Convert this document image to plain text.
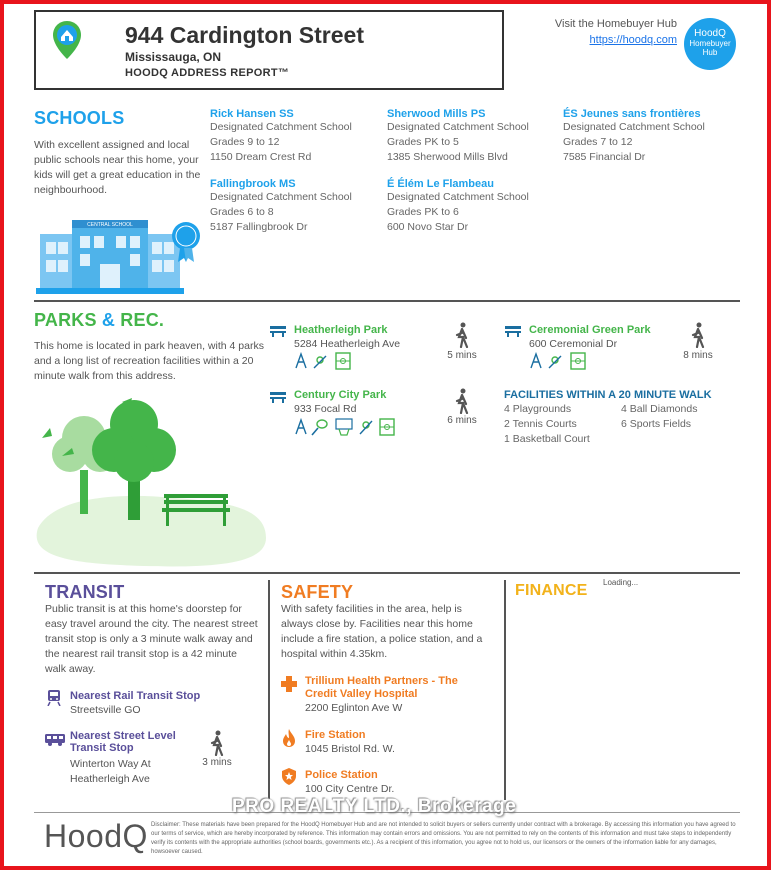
944 Cardington Street
Mississauga, ON
HOODQ ADDRESS REPORT™
Visit the Homebuyer Hub
https://hoodq.com
HoodQ
Homebuyer
Hub
SCHOOLS
With excellent assigned and local public schools near this home, your kids will get a great education in the neighbourhood.
CENTRAL SCHOOL
Rick Hansen SS
Designated Catchment School
Grades 9 to 12
1150 Dream Crest Rd
Sherwood Mills PS
Designated Catchment School
Grades PK to 5
1385 Sherwood Mills Blvd
ÉS Jeunes sans frontières
Designated Catchment School
Grades 7 to 12
7585 Financial Dr
Fallingbrook MS
Designated Catchment School
Grades 6 to 8
5187 Fallingbrook Dr
É Élém Le Flambeau
Designated Catchment School
Grades PK to 6
600 Novo Star Dr
PARKS & REC.
This home is located in park heaven, with 4 parks and a long list of recreation facilities within a 20 minute walk from this address.
Heatherleigh Park
5284 Heatherleigh Ave
5 mins
Ceremonial Green Park
600 Ceremonial Dr
8 mins
Century City Park
933 Focal Rd
6 mins
FACILITIES WITHIN A 20 MINUTE WALK
4 Playgrounds	4 Ball Diamonds
2 Tennis Courts	6 Sports Fields
1 Basketball Court
TRANSIT
Public transit is at this home's doorstep for easy travel around the city. The nearest street transit stop is only a 3 minute walk away and the nearest rail transit stop is a 42 minute walk away.
Nearest Rail Transit Stop
Streetsville GO
Nearest Street Level
Transit Stop
Winterton Way At
Heatherleigh Ave
3 mins
SAFETY
With safety facilities in the area, help is always close by. Facilities near this home include a fire station, a police station, and a hospital within 4.35km.
Trillium Health Partners - The
Credit Valley Hospital
2200 Eglinton Ave W
Fire Station
1045 Bristol Rd. W.
Police Station
100 City Centre Dr.
FINANCE Loading...
HoodQ Disclaimer: These materials have been prepared for the HoodQ Homebuyer Hub and are not intended to solicit buyers or sellers currently under contract with a brokerage. By accessing this information you have agreed to our terms of service, which are hereby incorporated by reference. This information may contain errors and omissions. You are not permitted to rely on the contents of this information and must take steps to independently verify its contents with the appropriate authorities (school boards, governments etc.). As a recipient of this information, you agree not to hold us, our licensors or the owners of the information liable for any damages, howsoever caused.
PRO REALTY LTD., Brokerage
